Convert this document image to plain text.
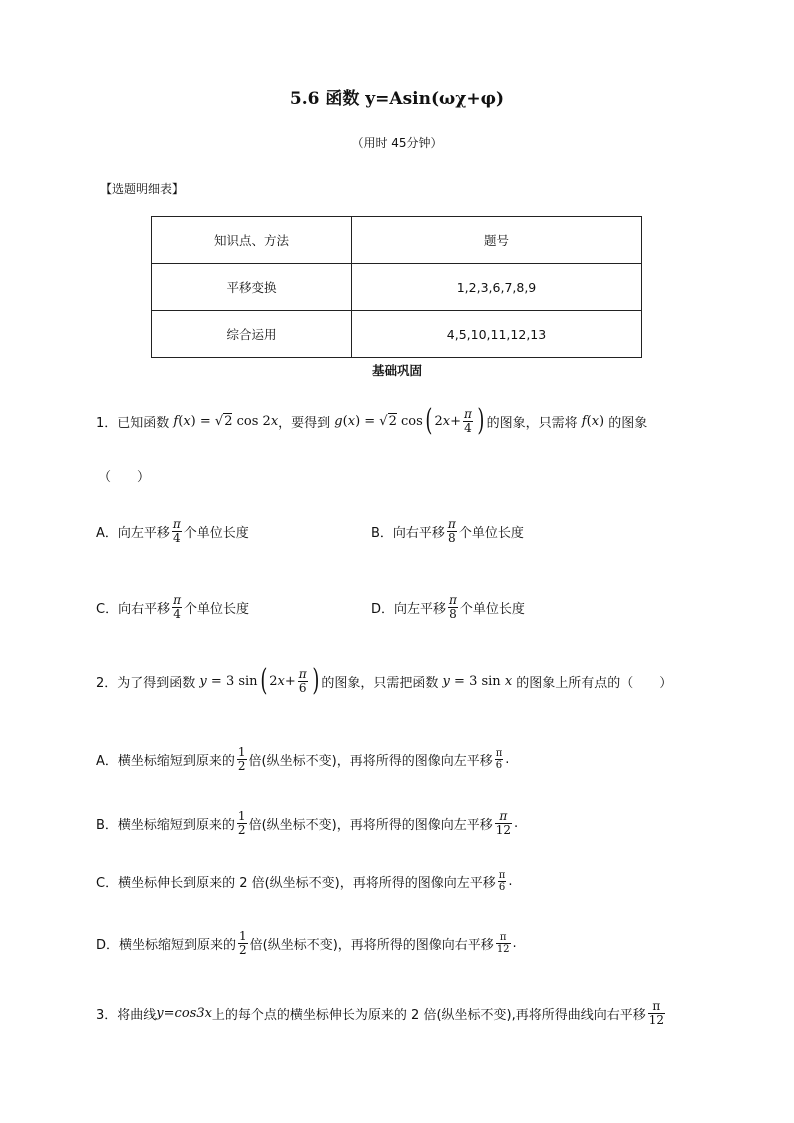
5.6 函数 y=Asin(ωχ+φ)
（用时 45分钟）
【选题明细表】
知识点、方法	题号
平移变换	1,2,3,6,7,8,9
综合运用	4,5,10,11,12,13
基础巩固
1． 已知函数 f ( x ) = √2 cos 2 x ，要得到 g ( x ) = √2 cos ( 2 $x + \frac{\pi}{4}$ ) 的图象，只需将 f ( x ) 的图象
（　　）
A．向左平移 $\frac{\pi}{4}$ 个单位长度	B．向右平移 $\frac{\pi}{8}$ 个单位长度
C．向右平移 $\frac{\pi}{4}$ 个单位长度	D．向左平移 $\frac{\pi}{8}$ 个单位长度
2． 为了得到函数 y = 3 sin ( 2 $x + \frac{\pi}{6}$ ) 的图象，只需把函数 y = 3 sin x 的图象上所有点的（　　）
A．横坐标缩短到原来的 $\frac{1}{2}$ 倍(纵坐标不变)，再将所得的图像向左平移 $\frac{\pi}{6}$ .
B．横坐标缩短到原来的 $\frac{1}{2}$ 倍(纵坐标不变)，再将所得的图像向左平移 $\frac{\pi}{12}$ .
C．横坐标伸长到原来的 2 倍(纵坐标不变)，再将所得的图像向左平移 $\frac{\pi}{6}$ .
D．横坐标缩短到原来的 $\frac{1}{2}$ 倍(纵坐标不变)，再将所得的图像向右平移 $\frac{\pi}{12}$ .
3． 将曲线 y=cos3x 上的每个点的横坐标伸长为原来的 2 倍(纵坐标不变),再将所得曲线向右平移 $\frac{\pi}{12}$
